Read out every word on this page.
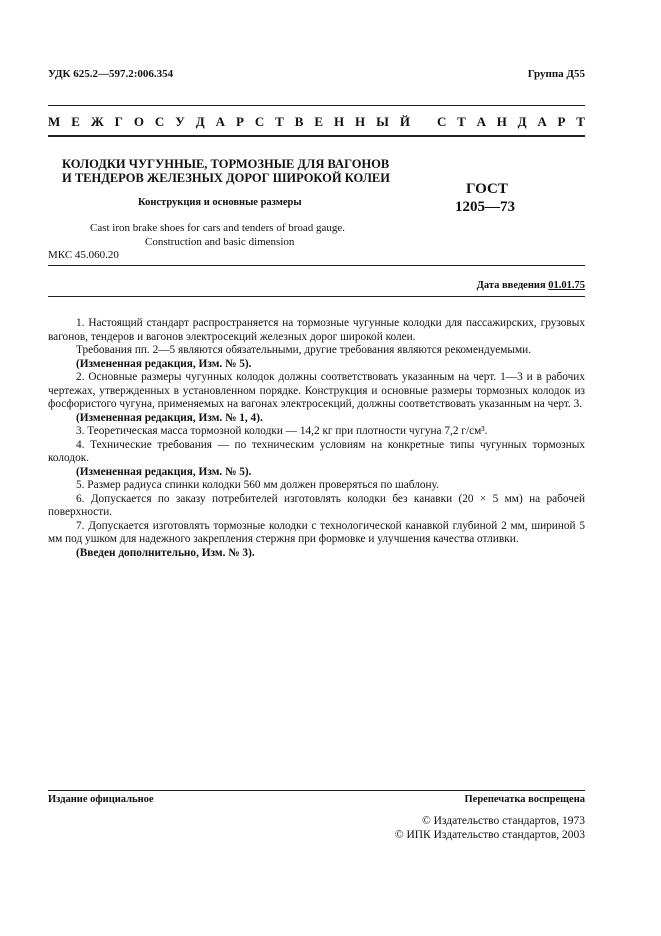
УДК 625.2—597.2:006.354	Группа Д55
М Е Ж Г О С У Д А Р С Т В Е Н Н Ы Й С Т А Н Д А Р Т
КОЛОДКИ ЧУГУННЫЕ, ТОРМОЗНЫЕ ДЛЯ ВАГОНОВ
И ТЕНДЕРОВ ЖЕЛЕЗНЫХ ДОРОГ ШИРОКОЙ КОЛЕИ
Конструкция и основные размеры
ГОСТ
1205—73
Cast iron brake shoes for cars and tenders of broad gauge.
Construction and basic dimension
МКС 45.060.20
Дата введения 01.01.75

1. Настоящий стандарт распространяется на тормозные чугунные колодки для пассажирских, грузовых вагонов, тендеров и вагонов электросекций железных дорог широкой колеи.

Требования пп. 2—5 являются обязательными, другие требования являются рекомендуемыми.

(Измененная редакция, Изм. № 5).

2. Основные размеры чугунных колодок должны соответствовать указанным на черт. 1—3 и в рабочих чертежах, утвержденных в установленном порядке. Конструкция и основные размеры тормозных колодок из фосфористого чугуна, применяемых на вагонах электросекций, должны соответствовать указанным на черт. 3.

(Измененная редакция, Изм. № 1, 4).

3. Теоретическая масса тормозной колодки — 14,2 кг при плотности чугуна 7,2 г/см³.

4. Технические требования — по техническим условиям на конкретные типы чугунных тормозных колодок.

(Измененная редакция, Изм. № 5).

5. Размер радиуса спинки колодки 560 мм должен проверяться по шаблону.

6. Допускается по заказу потребителей изготовлять колодки без канавки (20 × 5 мм) на рабочей поверхности.

7. Допускается изготовлять тормозные колодки с технологической канавкой глубиной 2 мм, шириной 5 мм под ушком для надежного закрепления стержня при формовке и улучшения качества отливки.

(Введен дополнительно, Изм. № 3).

Издание официальное	Перепечатка воспрещена
© Издательство стандартов, 1973
© ИПК Издательство стандартов, 2003
